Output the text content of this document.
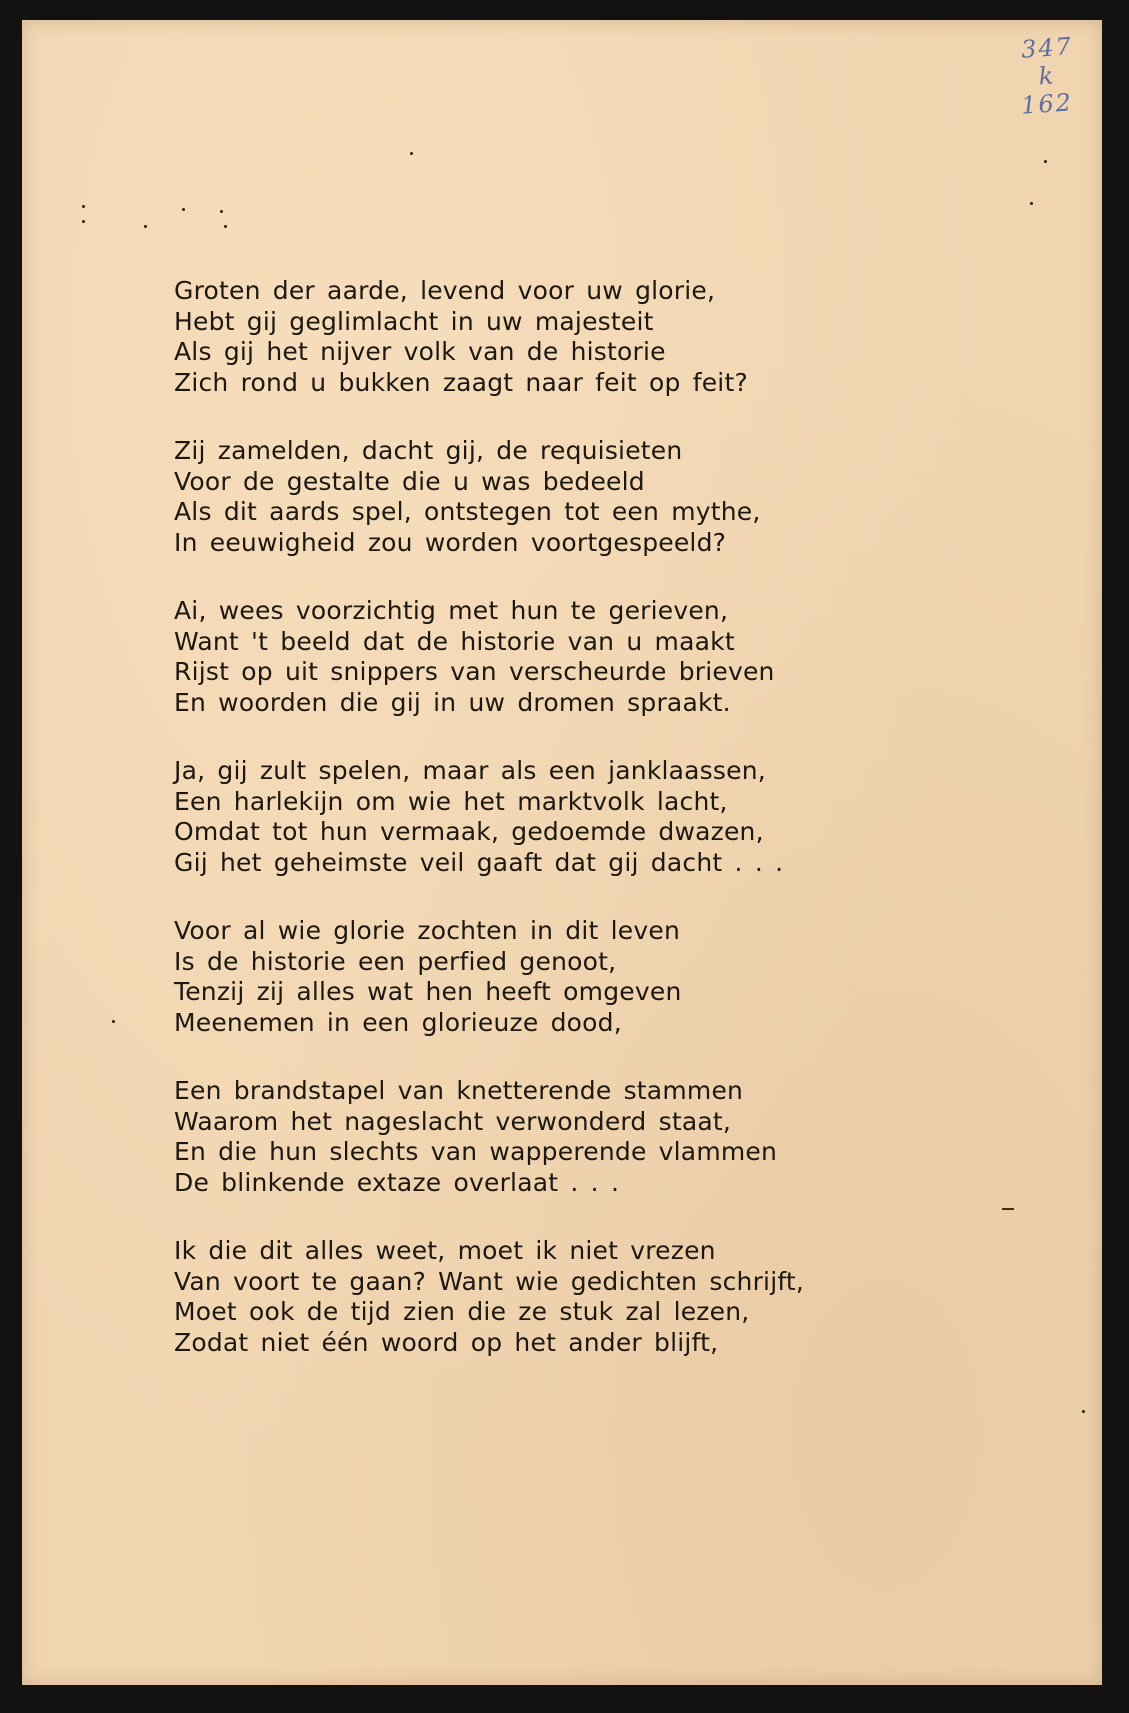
347
k
162
Groten der aarde, levend voor uw glorie,
Hebt gij geglimlacht in uw majesteit
Als gij het nijver volk van de historie
Zich rond u bukken zaagt naar feit op feit?
Zij zamelden, dacht gij, de requisieten
Voor de gestalte die u was bedeeld
Als dit aards spel, ontstegen tot een mythe,
In eeuwigheid zou worden voortgespeeld?
Ai, wees voorzichtig met hun te gerieven,
Want 't beeld dat de historie van u maakt
Rijst op uit snippers van verscheurde brieven
En woorden die gij in uw dromen spraakt.
Ja, gij zult spelen, maar als een janklaassen,
Een harlekijn om wie het marktvolk lacht,
Omdat tot hun vermaak, gedoemde dwazen,
Gij het geheimste veil gaaft dat gij dacht . . .
Voor al wie glorie zochten in dit leven
Is de historie een perfied genoot,
Tenzij zij alles wat hen heeft omgeven
Meenemen in een glorieuze dood,
Een brandstapel van knetterende stammen
Waarom het nageslacht verwonderd staat,
En die hun slechts van wapperende vlammen
De blinkende extaze overlaat . . .
Ik die dit alles weet, moet ik niet vrezen
Van voort te gaan? Want wie gedichten schrijft,
Moet ook de tijd zien die ze stuk zal lezen,
Zodat niet één woord op het ander blijft,
